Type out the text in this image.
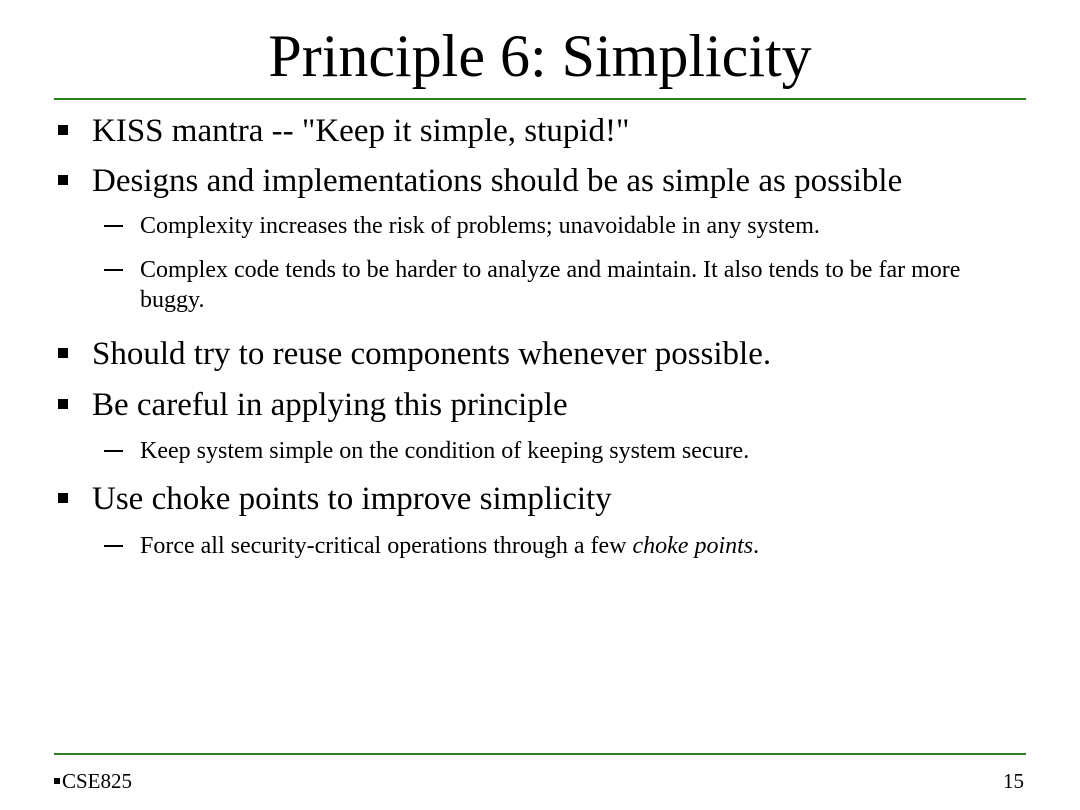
Principle 6: Simplicity
KISS mantra -- "Keep it simple, stupid!"
Designs and implementations should be as simple as possible
Complexity increases the risk of problems; unavoidable in any system.
Complex code tends to be harder to analyze and maintain. It also tends to be far more buggy.
Should try to reuse components whenever possible.
Be careful in applying this principle
Keep system simple on the condition of keeping system secure.
Use choke points to improve simplicity
Force all security-critical operations through a few choke points.
CSE825	15
